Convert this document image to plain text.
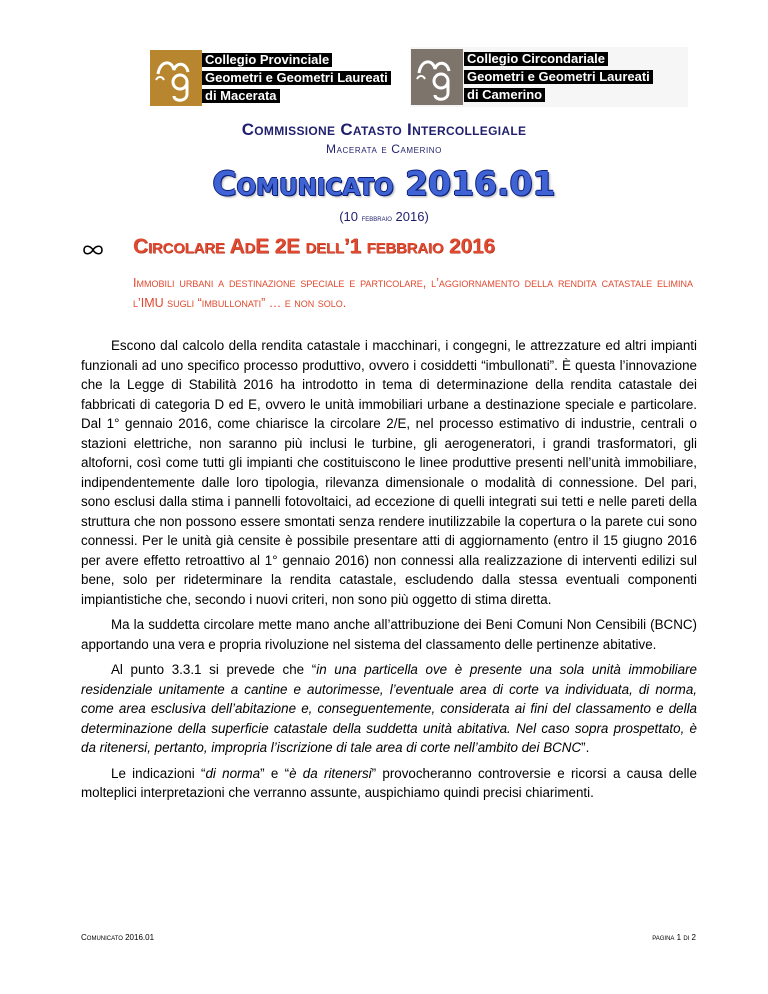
Collegio Provinciale
Geometri e Geometri Laureati
di Macerata
Collegio Circondariale
Geometri e Geometri Laureati
di Camerino
Commissione Catasto Intercollegiale
Macerata e Camerino
Comunicato 2016.01
(10 febbraio 2016)
Circolare AdE 2E dell’1 febbraio 2016
Immobili urbani a destinazione speciale e particolare, l’aggiornamento della rendita catastale elimina l’IMU sugli “imbullonati” … e non solo.

Escono dal calcolo della rendita catastale i macchinari, i congegni, le attrezzature ed altri impianti funzionali ad uno specifico processo produttivo, ovvero i cosiddetti “imbullonati”. È questa l’innovazione che la Legge di Stabilità 2016 ha introdotto in tema di determinazione della rendita catastale dei fabbricati di categoria D ed E, ovvero le unità immobiliari urbane a destinazione speciale e particolare. Dal 1° gennaio 2016, come chiarisce la circolare 2/E, nel processo estimativo di industrie, centrali o stazioni elettriche, non saranno più inclusi le turbine, gli aerogeneratori, i grandi trasformatori, gli altoforni, così come tutti gli impianti che costituiscono le linee produttive presenti nell’unità immobiliare, indipendentemente dalle loro tipologia, rilevanza dimensionale o modalità di connessione. Del pari, sono esclusi dalla stima i pannelli fotovoltaici, ad eccezione di quelli integrati sui tetti e nelle pareti della struttura che non possono essere smontati senza rendere inutilizzabile la copertura o la parete cui sono connessi. Per le unità già censite è possibile presentare atti di aggiornamento (entro il 15 giugno 2016 per avere effetto retroattivo al 1° gennaio 2016) non connessi alla realizzazione di interventi edilizi sul bene, solo per rideterminare la rendita catastale, escludendo dalla stessa eventuali componenti impiantistiche che, secondo i nuovi criteri, non sono più oggetto di stima diretta.

Ma la suddetta circolare mette mano anche all’attribuzione dei Beni Comuni Non Censibili (BCNC) apportando una vera e propria rivoluzione nel sistema del classamento delle pertinenze abitative.

Al punto 3.3.1 si prevede che “in una particella ove è presente una sola unità immobiliare residenziale unitamente a cantine e autorimesse, l’eventuale area di corte va individuata, di norma, come area esclusiva dell’abitazione e, conseguentemente, considerata ai fini del classamento e della determinazione della superficie catastale della suddetta unità abitativa. Nel caso sopra prospettato, è da ritenersi, pertanto, impropria l’iscrizione di tale area di corte nell’ambito dei BCNC”.

Le indicazioni “di norma” e “è da ritenersi” provocheranno controversie e ricorsi a causa delle molteplici interpretazioni che verranno assunte, auspichiamo quindi precisi chiarimenti.

Comunicato 2016.01	pagina 1 di 2
